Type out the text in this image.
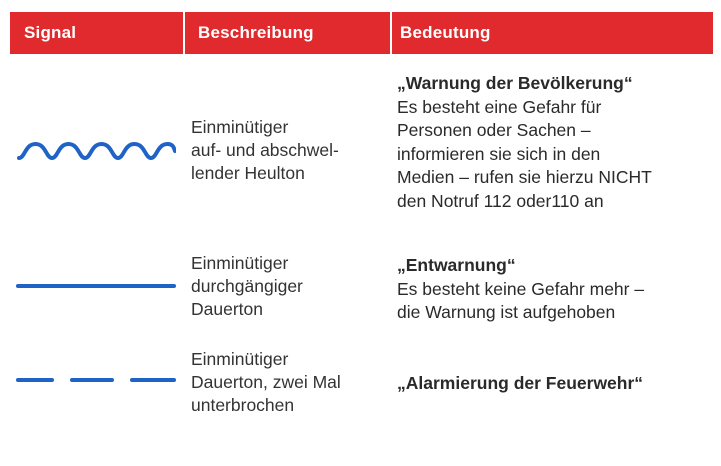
Signal	Beschreibung	Bedeutung
Einminütiger
auf- und abschwel-
lender Heulton
„Warnung der Bevölkerung“
Es besteht eine Gefahr für
Personen oder Sachen –
informieren sie sich in den
Medien – rufen sie hierzu NICHT
den Notruf 112 oder110 an
Einminütiger
durchgängiger
Dauerton
„Entwarnung“
Es besteht keine Gefahr mehr –
die Warnung ist aufgehoben
Einminütiger
Dauerton, zwei Mal
unterbrochen
„Alarmierung der Feuerwehr“
